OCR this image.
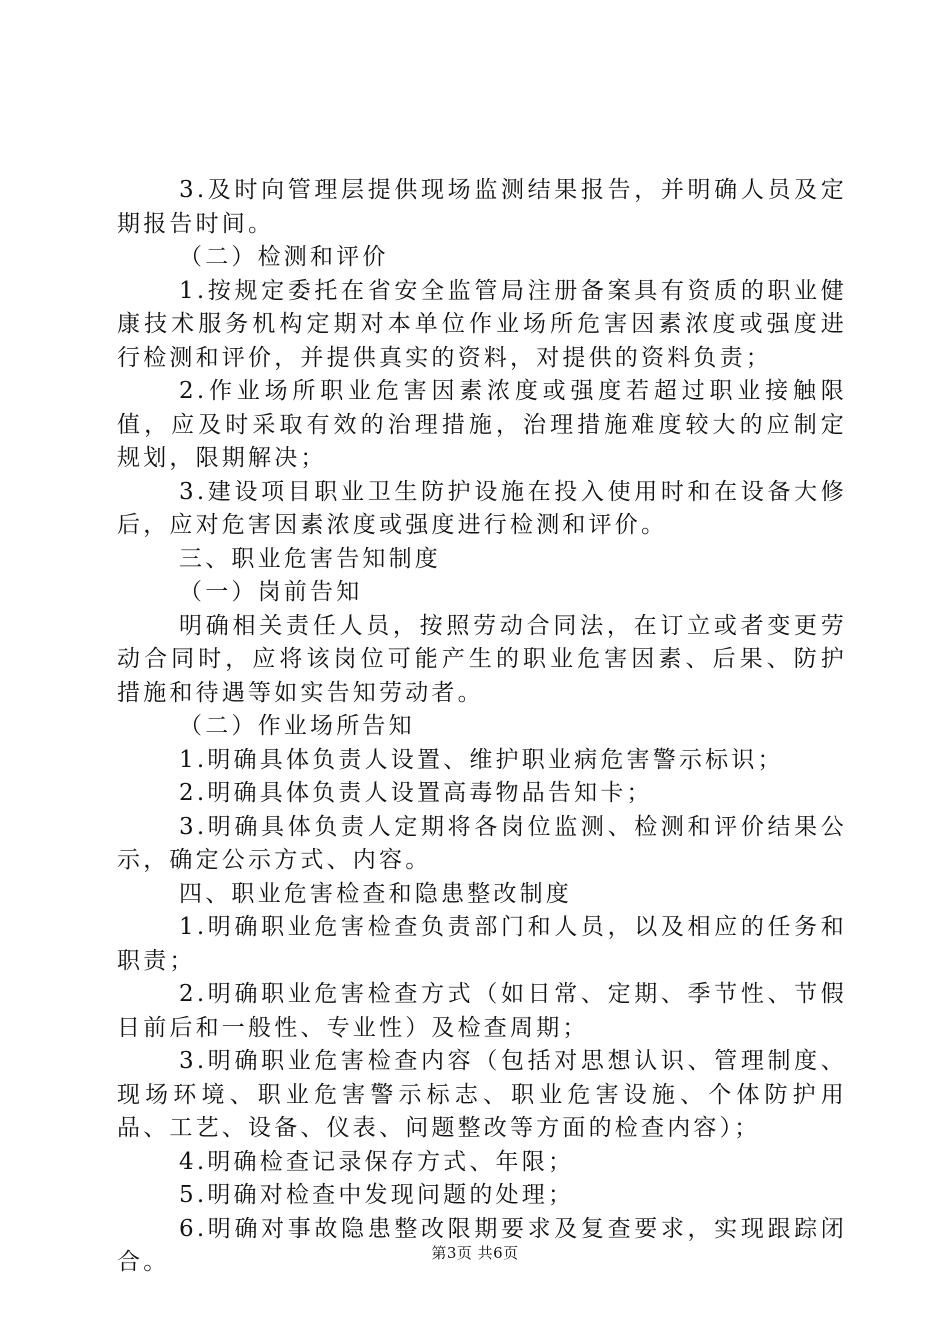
3.及时向管理层提供现场监测结果报告，并明确人员及定期报告时间。

（二）检测和评价

1.按规定委托在省安全监管局注册备案具有资质的职业健康技术服务机构定期对本单位作业场所危害因素浓度或强度进行检测和评价，并提供真实的资料，对提供的资料负责；

2.作业场所职业危害因素浓度或强度若超过职业接触限值，应及时采取有效的治理措施，治理措施难度较大的应制定规划，限期解决；

3.建设项目职业卫生防护设施在投入使用时和在设备大修后，应对危害因素浓度或强度进行检测和评价。

三、职业危害告知制度

（一）岗前告知

明确相关责任人员，按照劳动合同法，在订立或者变更劳动合同时，应将该岗位可能产生的职业危害因素、后果、防护措施和待遇等如实告知劳动者。

（二）作业场所告知

1.明确具体负责人设置、维护职业病危害警示标识；

2.明确具体负责人设置高毒物品告知卡；

3.明确具体负责人定期将各岗位监测、检测和评价结果公示，确定公示方式、内容。

四、职业危害检查和隐患整改制度

1.明确职业危害检查负责部门和人员，以及相应的任务和职责；

2.明确职业危害检查方式（如日常、定期、季节性、节假日前后和一般性、专业性）及检查周期；

3.明确职业危害检查内容（包括对思想认识、管理制度、现场环境、职业危害警示标志、职业危害设施、个体防护用品、工艺、设备、仪表、问题整改等方面的检查内容）；

4.明确检查记录保存方式、年限；

5.明确对检查中发现问题的处理；

6.明确对事故隐患整改限期要求及复查要求，实现跟踪闭合。	第3页 共6页
